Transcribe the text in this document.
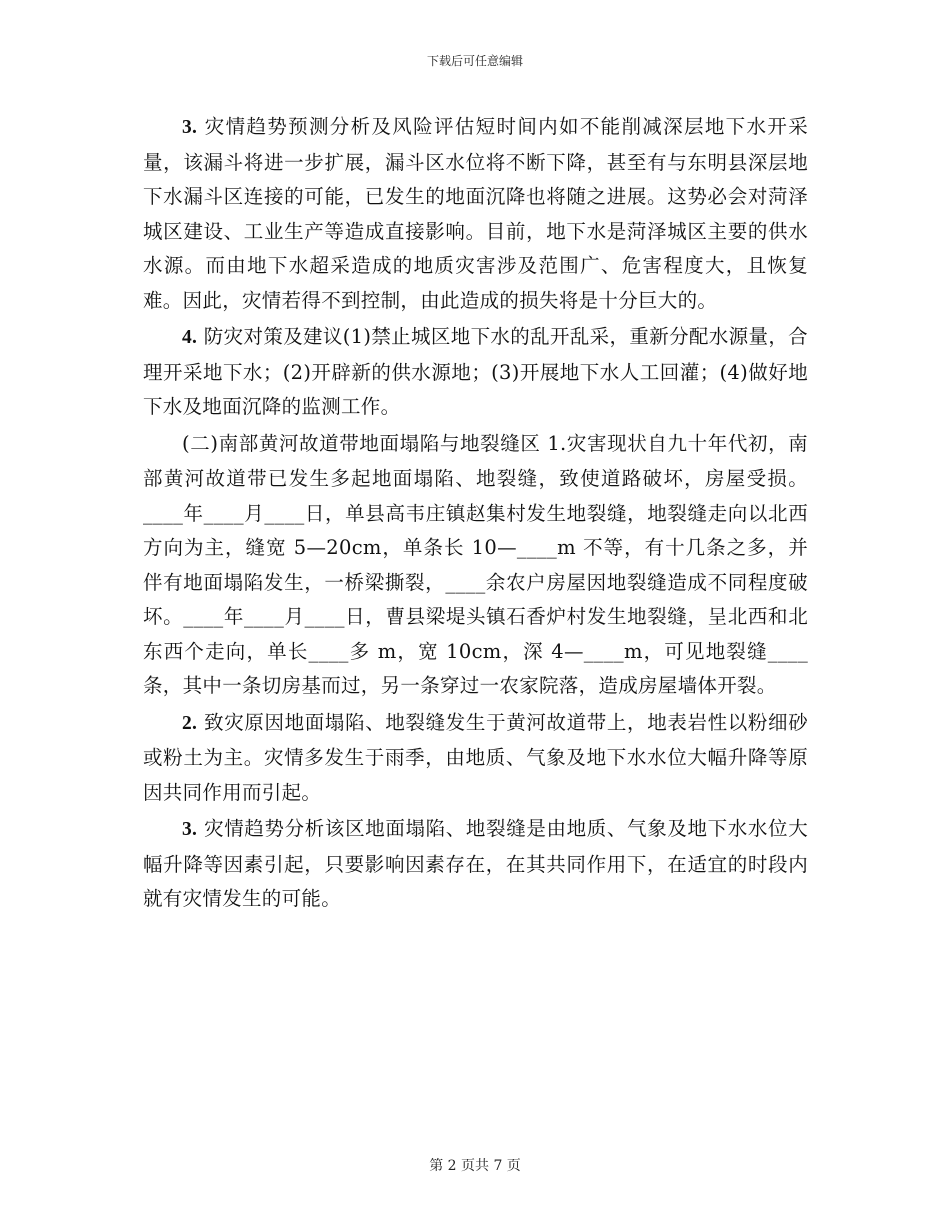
下载后可任意编辑

3. 灾情趋势预测分析及风险评估短时间内如不能削减深层地下水开采量，该漏斗将进一步扩展，漏斗区水位将不断下降，甚至有与东明县深层地下水漏斗区连接的可能，已发生的地面沉降也将随之进展。这势必会对菏泽城区建设、工业生产等造成直接影响。目前，地下水是菏泽城区主要的供水水源。而由地下水超采造成的地质灾害涉及范围广、危害程度大，且恢复难。因此，灾情若得不到控制，由此造成的损失将是十分巨大的。

4. 防灾对策及建议(1)禁止城区地下水的乱开乱采，重新分配水源量，合理开采地下水；(2)开辟新的供水源地；(3)开展地下水人工回灌；(4)做好地下水及地面沉降的监测工作。

(二)南部黄河故道带地面塌陷与地裂缝区 1.灾害现状自九十年代初，南部黄河故道带已发生多起地面塌陷、地裂缝，致使道路破坏，房屋受损。____年____月____日，单县高韦庄镇赵集村发生地裂缝，地裂缝走向以北西方向为主，缝宽 5—20cm，单条长 10—____m 不等，有十几条之多，并伴有地面塌陷发生，一桥梁撕裂，____余农户房屋因地裂缝造成不同程度破坏。____年____月____日，曹县梁堤头镇石香炉村发生地裂缝，呈北西和北东西个走向，单长____多 m，宽 10cm，深 4—____m，可见地裂缝____条，其中一条切房基而过，另一条穿过一农家院落，造成房屋墙体开裂。

2. 致灾原因地面塌陷、地裂缝发生于黄河故道带上，地表岩性以粉细砂或粉土为主。灾情多发生于雨季，由地质、气象及地下水水位大幅升降等原因共同作用而引起。

3. 灾情趋势分析该区地面塌陷、地裂缝是由地质、气象及地下水水位大幅升降等因素引起，只要影响因素存在，在其共同作用下，在适宜的时段内就有灾情发生的可能。

第 2 页共 7 页
